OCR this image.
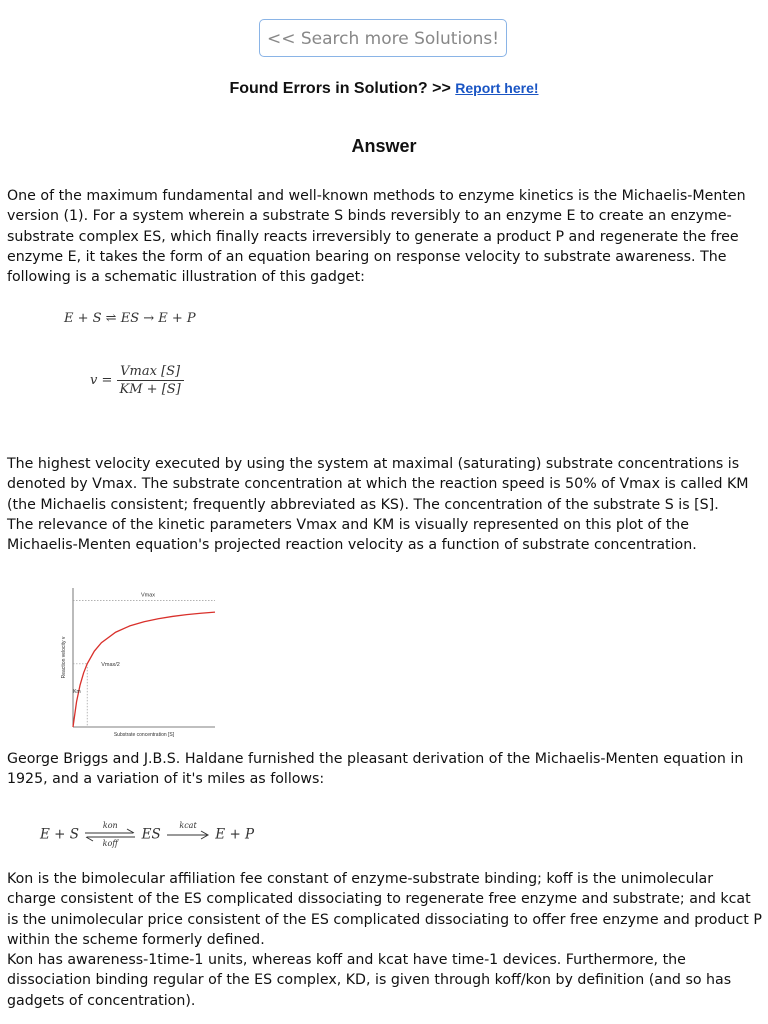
<< Search more Solutions!
Found Errors in Solution? >> Report here!
Answer

One of the maximum fundamental and well-known methods to enzyme kinetics is the Michaelis-Menten version (1). For a system wherein a substrate S binds reversibly to an enzyme E to create an enzyme-substrate complex ES, which finally reacts irreversibly to generate a product P and regenerate the free enzyme E, it takes the form of an equation bearing on response velocity to substrate awareness. The following is a schematic illustration of this gadget:

E + S ⇌ ES → E + P
$v = \frac{Vmax [S]}{KM + [S]}$

The highest velocity executed by using the system at maximal (saturating) substrate concentrations is denoted by Vmax. The substrate concentration at which the reaction speed is 50% of Vmax is called KM (the Michaelis consistent; frequently abbreviated as KS). The concentration of the substrate S is [S].

The relevance of the kinetic parameters Vmax and KM is visually represented on this plot of the Michaelis-Menten equation's projected reaction velocity as a function of substrate concentration.

Vmax
Vmax/2
Km
Substrate concentration [S]
Reaction velocity v

George Briggs and J.B.S. Haldane furnished the pleasant derivation of the Michaelis-Menten equation in 1925, and a variation of it's miles as follows:

E + S
kon
koff
ES
kcat
E + P

Kon is the bimolecular affiliation fee constant of enzyme-substrate binding; koff is the unimolecular charge consistent of the ES complicated dissociating to regenerate free enzyme and substrate; and kcat is the unimolecular price consistent of the ES complicated dissociating to offer free enzyme and product P within the scheme formerly defined.

Kon has awareness-1time-1 units, whereas koff and kcat have time-1 devices. Furthermore, the dissociation binding regular of the ES complex, KD, is given through koff/kon by definition (and so has gadgets of concentration).
